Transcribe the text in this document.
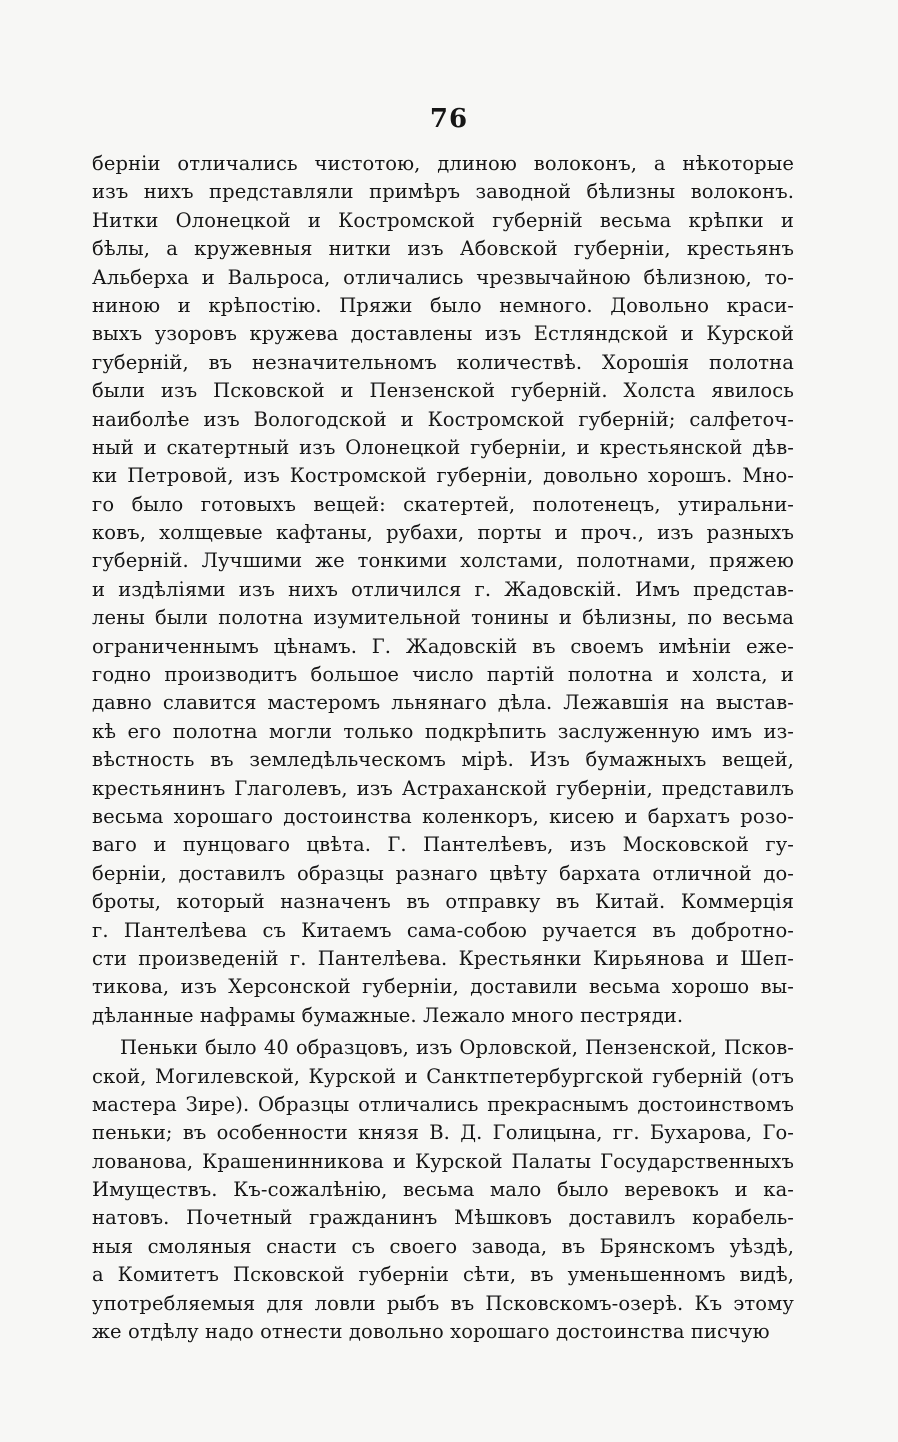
76
берніи отличались чистотою, длиною волоконъ, а нѣкоторые
изъ нихъ представляли примѣръ заводной бѣлизны волоконъ.
Нитки Олонецкой и Костромской губерній весьма крѣпки и
бѣлы, а кружевныя нитки изъ Абовской губерніи, крестьянъ
Альберха и Вальроса, отличались чрезвычайною бѣлизною, то-
ниною и крѣпостію. Пряжи было немного. Довольно краси-
выхъ узоровъ кружева доставлены изъ Естляндской и Курской
губерній, въ незначительномъ количествѣ. Хорошія полотна
были изъ Псковской и Пензенской губерній. Холста явилось
наиболѣе изъ Вологодской и Костромской губерній; салфеточ-
ный и скатертный изъ Олонецкой губерніи, и крестьянской дѣв-
ки Петровой, изъ Костромской губерніи, довольно хорошъ. Мно-
го было готовыхъ вещей: скатертей, полотенецъ, утиральни-
ковъ, холщевые кафтаны, рубахи, порты и проч., изъ разныхъ
губерній. Лучшими же тонкими холстами, полотнами, пряжею
и издѣліями изъ нихъ отличился г. Жадовскій. Имъ представ-
лены были полотна изумительной тонины и бѣлизны, по весьма
ограниченнымъ цѣнамъ. Г. Жадовскій въ своемъ имѣніи еже-
годно производитъ большое число партій полотна и холста, и
давно славится мастеромъ льнянаго дѣла. Лежавшія на выстав-
кѣ его полотна могли только подкрѣпить заслуженную имъ из-
вѣстность въ земледѣльческомъ мірѣ. Изъ бумажныхъ вещей,
крестьянинъ Глаголевъ, изъ Астраханской губерніи, представилъ
весьма хорошаго достоинства коленкоръ, кисею и бархатъ розо-
ваго и пунцоваго цвѣта. Г. Пантелѣевъ, изъ Московской гу-
берніи, доставилъ образцы разнаго цвѣту бархата отличной до-
броты, который назначенъ въ отправку въ Китай. Коммерція
г. Пантелѣева съ Китаемъ сама-собою ручается въ добротно-
сти произведеній г. Пантелѣева. Крестьянки Кирьянова и Шеп-
тикова, изъ Херсонской губерніи, доставили весьма хорошо вы-
дѣланные нафрамы бумажные. Лежало много пестряди.
Пеньки было 40 образцовъ, изъ Орловской, Пензенской, Псков-
ской, Могилевской, Курской и Санктпетербургской губерній (отъ
мастера Зире). Образцы отличались прекраснымъ достоинствомъ
пеньки; въ особенности князя В. Д. Голицына, гг. Бухарова, Го-
лованова, Крашенинникова и Курской Палаты Государственныхъ
Имуществъ. Къ-сожалѣнію, весьма мало было веревокъ и ка-
натовъ. Почетный гражданинъ Мѣшковъ доставилъ корабель-
ныя смоляныя снасти съ своего завода, въ Брянскомъ уѣздѣ,
а Комитетъ Псковской губерніи сѣти, въ уменьшенномъ видѣ,
употребляемыя для ловли рыбъ въ Псковскомъ-озерѣ. Къ этому
же отдѣлу надо отнести довольно хорошаго достоинства писчую
